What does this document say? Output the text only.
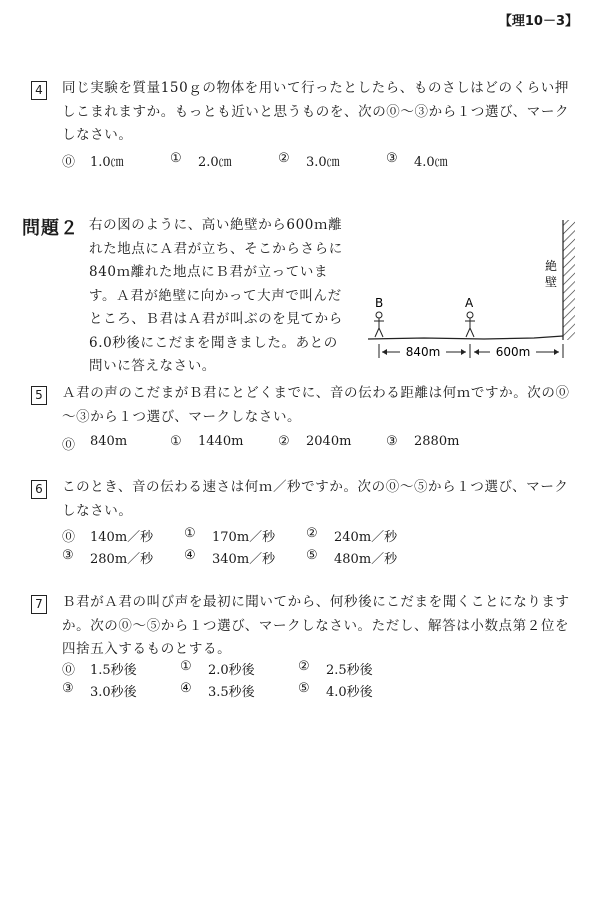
【理10－3】
4	同じ実験を質量150ｇの物体を用いて行ったとしたら、ものさしはどのくらい押しこまれますか。もっとも近いと思うものを、次の⓪～③から１つ選び、マークしなさい。

⓪	1.0㎝	①	2.0㎝	②	3.0㎝	③	4.0㎝
問題２ 右の図のように、高い絶壁から600ｍ離れた地点にＡ君が立ち、そこからさらに840ｍ離れた地点にＢ君が立っています。Ａ君が絶壁に向かって大声で叫んだところ、Ｂ君はＡ君が叫ぶのを見てから6.0秒後にこだまを聞きました。あとの問いに答えなさい。

絶
壁
B	A
840m	600m
5	Ａ君の声のこだまがＢ君にとどくまでに、音の伝わる距離は何ｍですか。次の⓪～③から１つ選び、マークしなさい。

⓪	840m	①	1440m	②	2040m	③	2880m
6	このとき、音の伝わる速さは何ｍ／秒ですか。次の⓪～⑤から１つ選び、マークしなさい。

⓪	140m／秒 ①	170m／秒 ②	240m／秒
③	280m／秒 ④	340m／秒 ⑤	480m／秒
7	Ｂ君がＡ君の叫び声を最初に聞いてから、何秒後にこだまを聞くことになりますか。次の⓪～⑤から１つ選び、マークしなさい。ただし、解答は小数点第２位を四捨五入するものとする。

⓪	1.5秒後	①	2.0秒後	②	2.5秒後
③	3.0秒後	④	3.5秒後	⑤	4.0秒後
